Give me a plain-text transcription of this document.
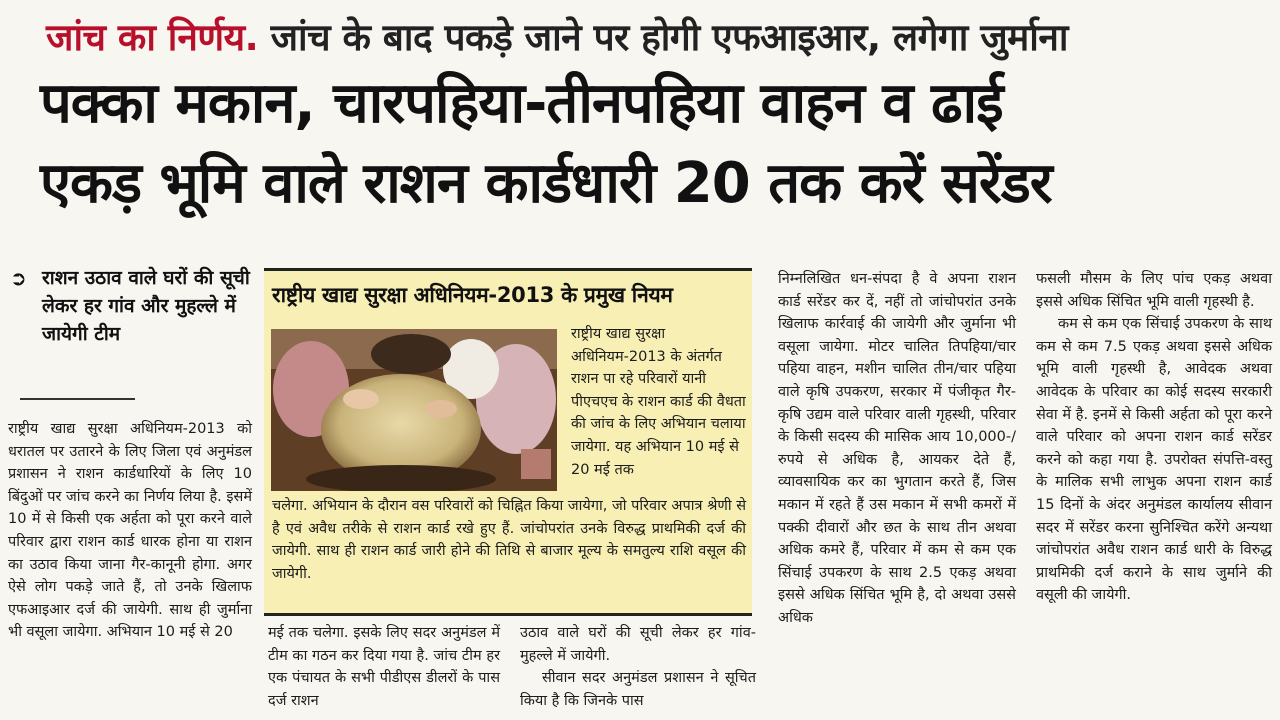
जांच का निर्णय. जांच के बाद पकड़े जाने पर होगी एफआइआर, लगेगा जुर्माना
पक्का मकान, चारपहिया-तीनपहिया वाहन व ढाई
एकड़ भूमि वाले राशन कार्डधारी 20 तक करें सरेंडर
➲ राशन उठाव वाले घरों की सूची लेकर हर गांव और मुहल्ले में जायेगी टीम

राष्ट्रीय खाद्य सुरक्षा अधिनियम-2013 को धरातल पर उतारने के लिए जिला एवं अनुमंडल प्रशासन ने राशन कार्डधारियों के लिए 10 बिंदुओं पर जांच करने का निर्णय लिया है. इसमें 10 में से किसी एक अर्हता को पूरा करने वाले परिवार द्वारा राशन कार्ड धारक होना या राशन का उठाव किया जाना गैर-कानूनी होगा. अगर ऐसे लोग पकड़े जाते हैं, तो उनके खिलाफ एफआइआर दर्ज की जायेगी. साथ ही जुर्माना भी वसूला जायेगा. अभियान 10 मई से 20

राष्ट्रीय खाद्य सुरक्षा अधिनियम-2013 के प्रमुख नियम
राष्ट्रीय खाद्य सुरक्षा अधिनियम-2013 के अंतर्गत राशन पा रहे परिवारों यानी पीएचएच के राशन कार्ड की वैधता की जांच के लिए अभियान चलाया जायेगा. यह अभियान 10 मई से 20 मई तक
चलेगा. अभियान के दौरान वस परिवारों को चिह्नित किया जायेगा, जो परिवार अपात्र श्रेणी से है एवं अवैध तरीके से राशन कार्ड रखे हुए हैं. जांचोपरांत उनके विरुद्ध प्राथमिकी दर्ज की जायेगी. साथ ही राशन कार्ड जारी होने की तिथि से बाजार मूल्य के समतुल्य राशि वसूल की जायेगी.

मई तक चलेगा. इसके लिए सदर अनुमंडल में टीम का गठन कर दिया गया है. जांच टीम हर एक पंचायत के सभी पीडीएस डीलरों के पास दर्ज राशन

उठाव वाले घरों की सूची लेकर हर गांव-मुहल्ले में जायेगी.

सीवान सदर अनुमंडल प्रशासन ने सूचित किया है कि जिनके पास

निम्नलिखित धन-संपदा है वे अपना राशन कार्ड सरेंडर कर दें, नहीं तो जांचोपरांत उनके खिलाफ कार्रवाई की जायेगी और जुर्माना भी वसूला जायेगा. मोटर चालित तिपहिया/चार पहिया वाहन, मशीन चालित तीन/चार पहिया वाले कृषि उपकरण, सरकार में पंजीकृत गैर-कृषि उद्यम वाले परिवार वाली गृहस्थी, परिवार के किसी सदस्य की मासिक आय 10,000-/ रुपये से अधिक है, आयकर देते हैं, व्यावसायिक कर का भुगतान करते हैं, जिस मकान में रहते हैं उस मकान में सभी कमरों में पक्की दीवारों और छत के साथ तीन अथवा अधिक कमरे हैं, परिवार में कम से कम एक सिंचाई उपकरण के साथ 2.5 एकड़ अथवा इससे अधिक सिंचित भूमि है, दो अथवा उससे अधिक

फसली मौसम के लिए पांच एकड़ अथवा इससे अधिक सिंचित भूमि वाली गृहस्थी है.

कम से कम एक सिंचाई उपकरण के साथ कम से कम 7.5 एकड़ अथवा इससे अधिक भूमि वाली गृहस्थी है, आवेदक अथवा आवेदक के परिवार का कोई सदस्य सरकारी सेवा में है. इनमें से किसी अर्हता को पूरा करने वाले परिवार को अपना राशन कार्ड सरेंडर करने को कहा गया है. उपरोक्त संपत्ति-वस्तु के मालिक सभी लाभुक अपना राशन कार्ड 15 दिनों के अंदर अनुमंडल कार्यालय सीवान सदर में सरेंडर करना सुनिश्चित करेंगे अन्यथा जांचोपरांत अवैध राशन कार्ड धारी के विरुद्ध प्राथमिकी दर्ज कराने के साथ जुर्माने की वसूली की जायेगी.
